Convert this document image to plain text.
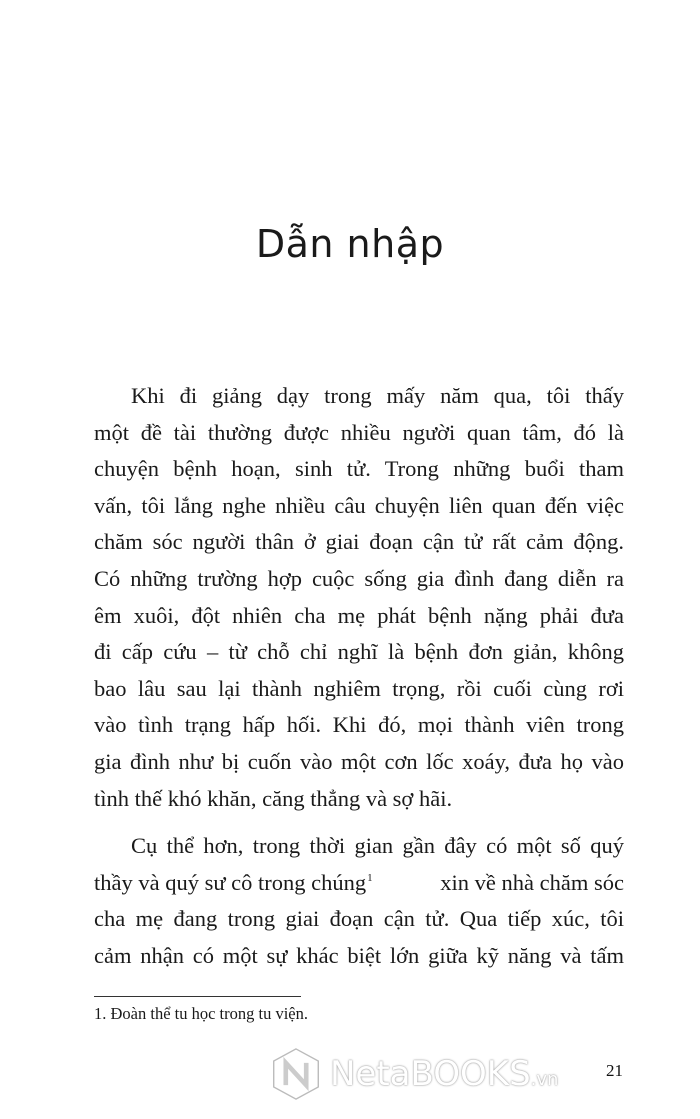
Dẫn nhập
Khi đi giảng dạy trong mấy năm qua, tôi thấy
một đề tài thường được nhiều người quan tâm, đó là
chuyện bệnh hoạn, sinh tử. Trong những buổi tham
vấn, tôi lắng nghe nhiều câu chuyện liên quan đến việc
chăm sóc người thân ở giai đoạn cận tử rất cảm động.
Có những trường hợp cuộc sống gia đình đang diễn ra
êm xuôi, đột nhiên cha mẹ phát bệnh nặng phải đưa
đi cấp cứu – từ chỗ chỉ nghĩ là bệnh đơn giản, không
bao lâu sau lại thành nghiêm trọng, rồi cuối cùng rơi
vào tình trạng hấp hối. Khi đó, mọi thành viên trong
gia đình như bị cuốn vào một cơn lốc xoáy, đưa họ vào
tình thế khó khăn, căng thẳng và sợ hãi.
Cụ thể hơn, trong thời gian gần đây có một số quý
thầy và quý sư cô trong chúng 1	xin về nhà chăm sóc
cha mẹ đang trong giai đoạn cận tử. Qua tiếp xúc, tôi
cảm nhận có một sự khác biệt lớn giữa kỹ năng và tấm
1. Đoàn thể tu học trong tu viện.
NetaBOOKS .vn	21
